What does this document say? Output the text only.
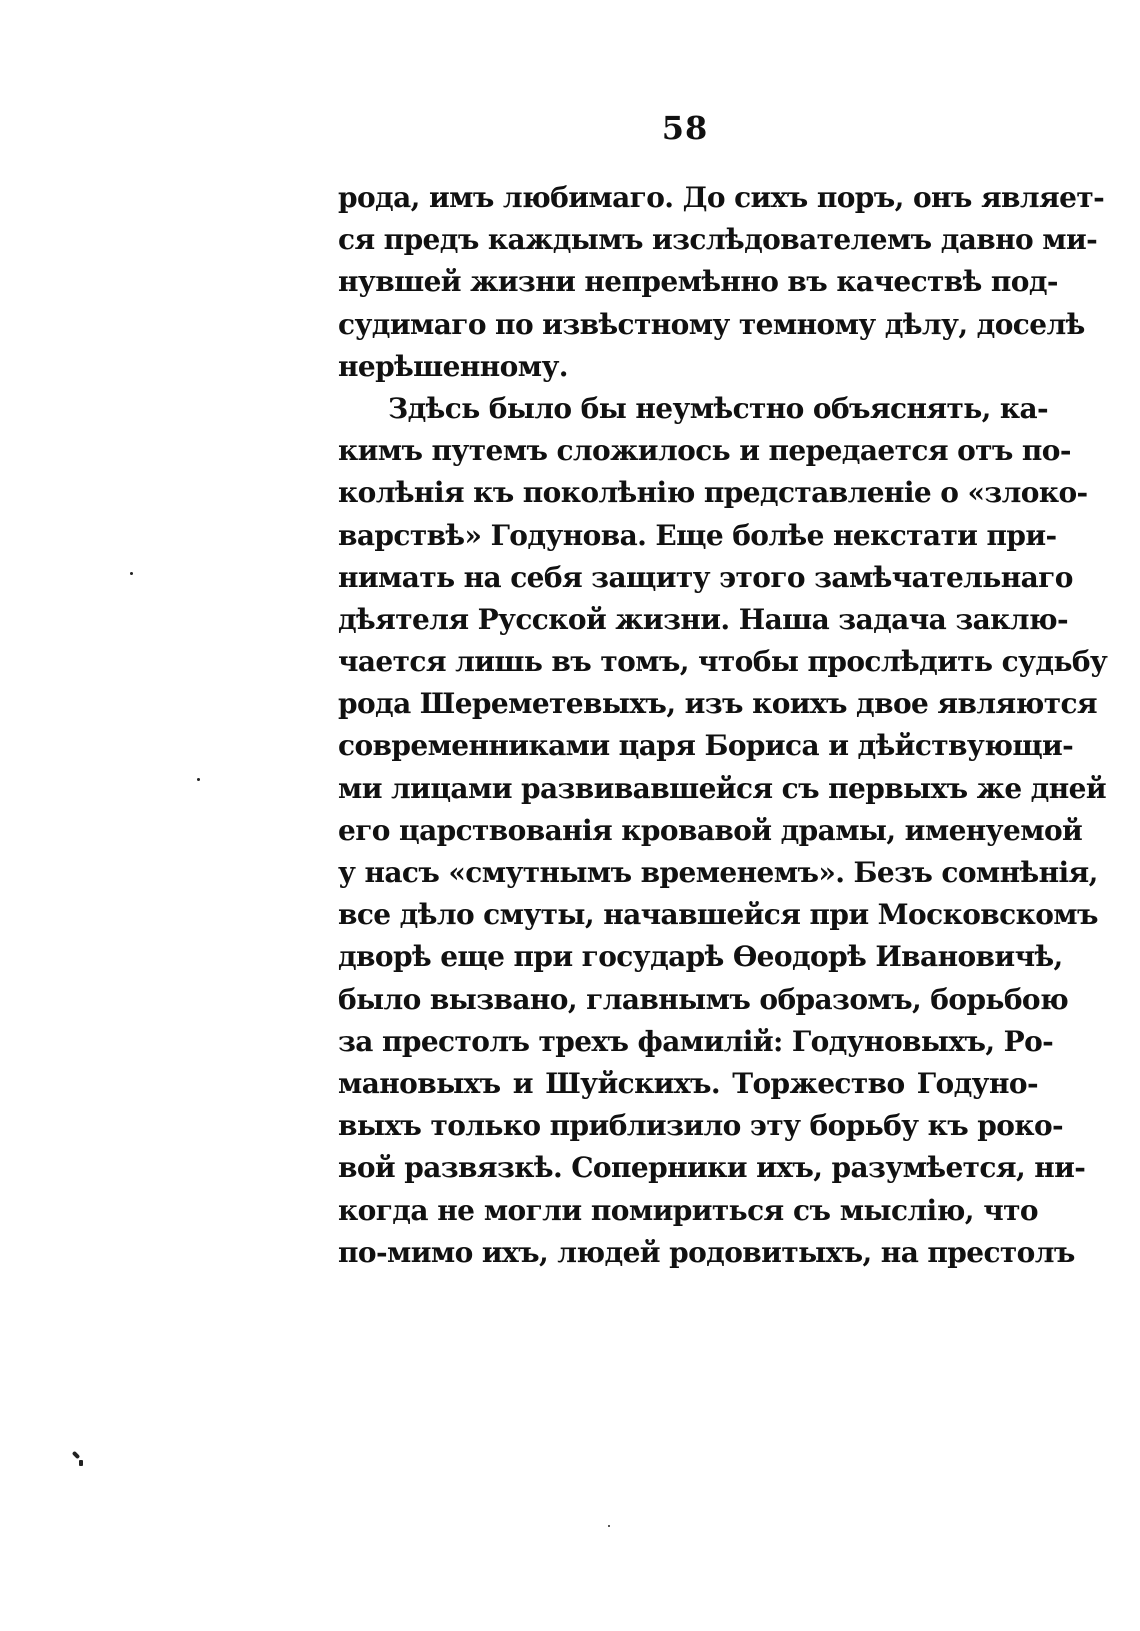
58
рода, имъ любимаго. До сихъ поръ, онъ являет-
ся предъ каждымъ изслѣдователемъ давно ми-
нувшей жизни непремѣнно въ качествѣ под-
судимаго по извѣстному темному дѣлу, доселѣ
нерѣшенному.
Здѣсь было бы неумѣстно объяснять, ка-
кимъ путемъ сложилось и передается отъ по-
колѣнія къ поколѣнію представленіе о «злоко-
варствѣ» Годунова. Еще болѣе некстати при-
нимать на себя защиту этого замѣчательнаго
дѣятеля Русской жизни. Наша задача заклю-
чается лишь въ томъ, чтобы прослѣдить судьбу
рода Шереметевыхъ, изъ коихъ двое являются
современниками царя Бориса и дѣйствующи-
ми лицами развивавшейся съ первыхъ же дней
его царствованія кровавой драмы, именуемой
у насъ «смутнымъ временемъ». Безъ сомнѣнія,
все дѣло смуты, начавшейся при Московскомъ
дворѣ еще при государѣ Ѳеодорѣ Ивановичѣ,
было вызвано, главнымъ образомъ, борьбою
за престолъ трехъ фамилій: Годуновыхъ, Ро-
мановыхъ и Шуйскихъ. Торжество Годуно-
выхъ только приблизило эту борьбу къ роко-
вой развязкѣ. Соперники ихъ, разумѣется, ни-
когда не могли помириться съ мыслію, что
по-мимо ихъ, людей родовитыхъ, на престолъ
